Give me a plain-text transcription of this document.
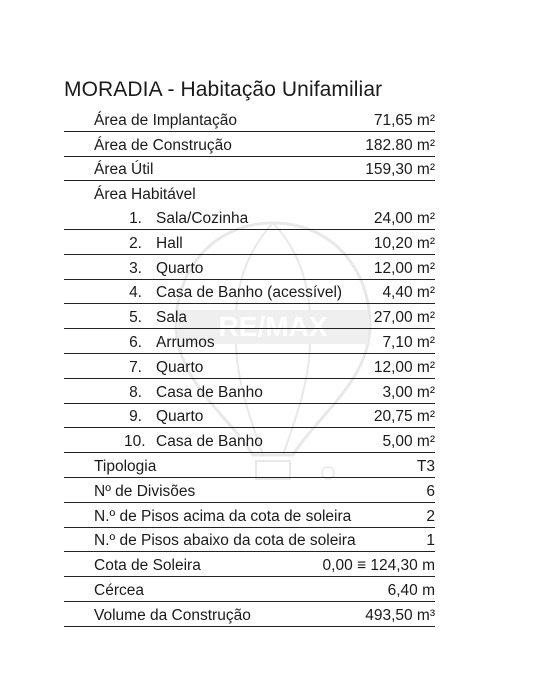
MORADIA - Habitação Unifamiliar
RE/MAX
Área de Implantação	71,65 m²
Área de Construção	182.80 m²
Área Útil	159,30 m²
Área Habitável
1. Sala/Cozinha	24,00 m²
2. Hall	10,20 m²
3. Quarto	12,00 m²
4. Casa de Banho (acessível)	4,40 m²
5. Sala	27,00 m²
6. Arrumos	7,10 m²
7. Quarto	12,00 m²
8. Casa de Banho	3,00 m²
9. Quarto	20,75 m²
10. Casa de Banho	5,00 m²
Tipologia	T3
Nº de Divisões	6
N.º de Pisos acima da cota de soleira	2
N.º de Pisos abaixo da cota de soleira	1
Cota de Soleira	0,00 ≡ 124,30 m
Cércea	6,40 m
Volume da Construção	493,50 m³
